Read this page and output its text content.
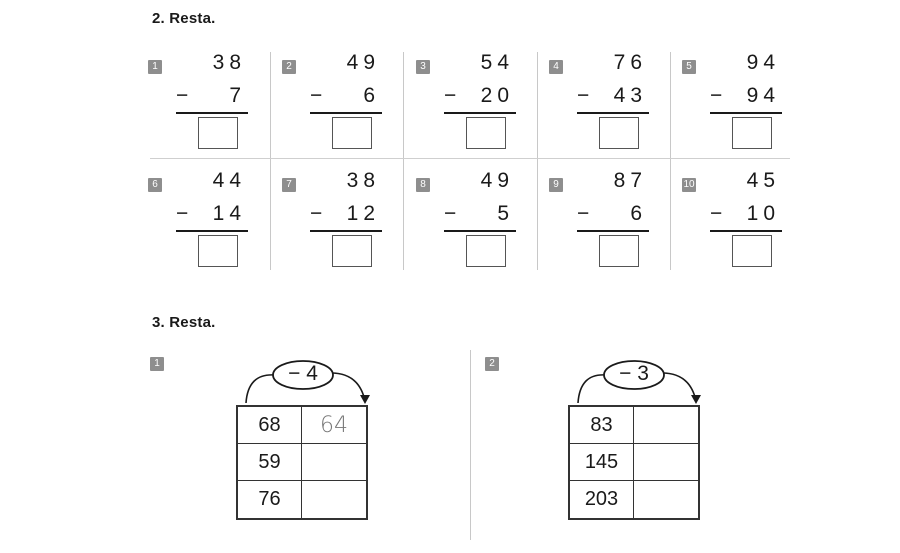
2. Resta.
1	38
−	7
2	49
−	6
3	54
−	20
4	76
−	43
5	94
−	94
6	44
−	14
7	38
−	12
8	49
−	5
9	87
−	6
10	45
−	10
3. Resta.
1	− 4
68	64
59
76
2	− 3
83
145
203
